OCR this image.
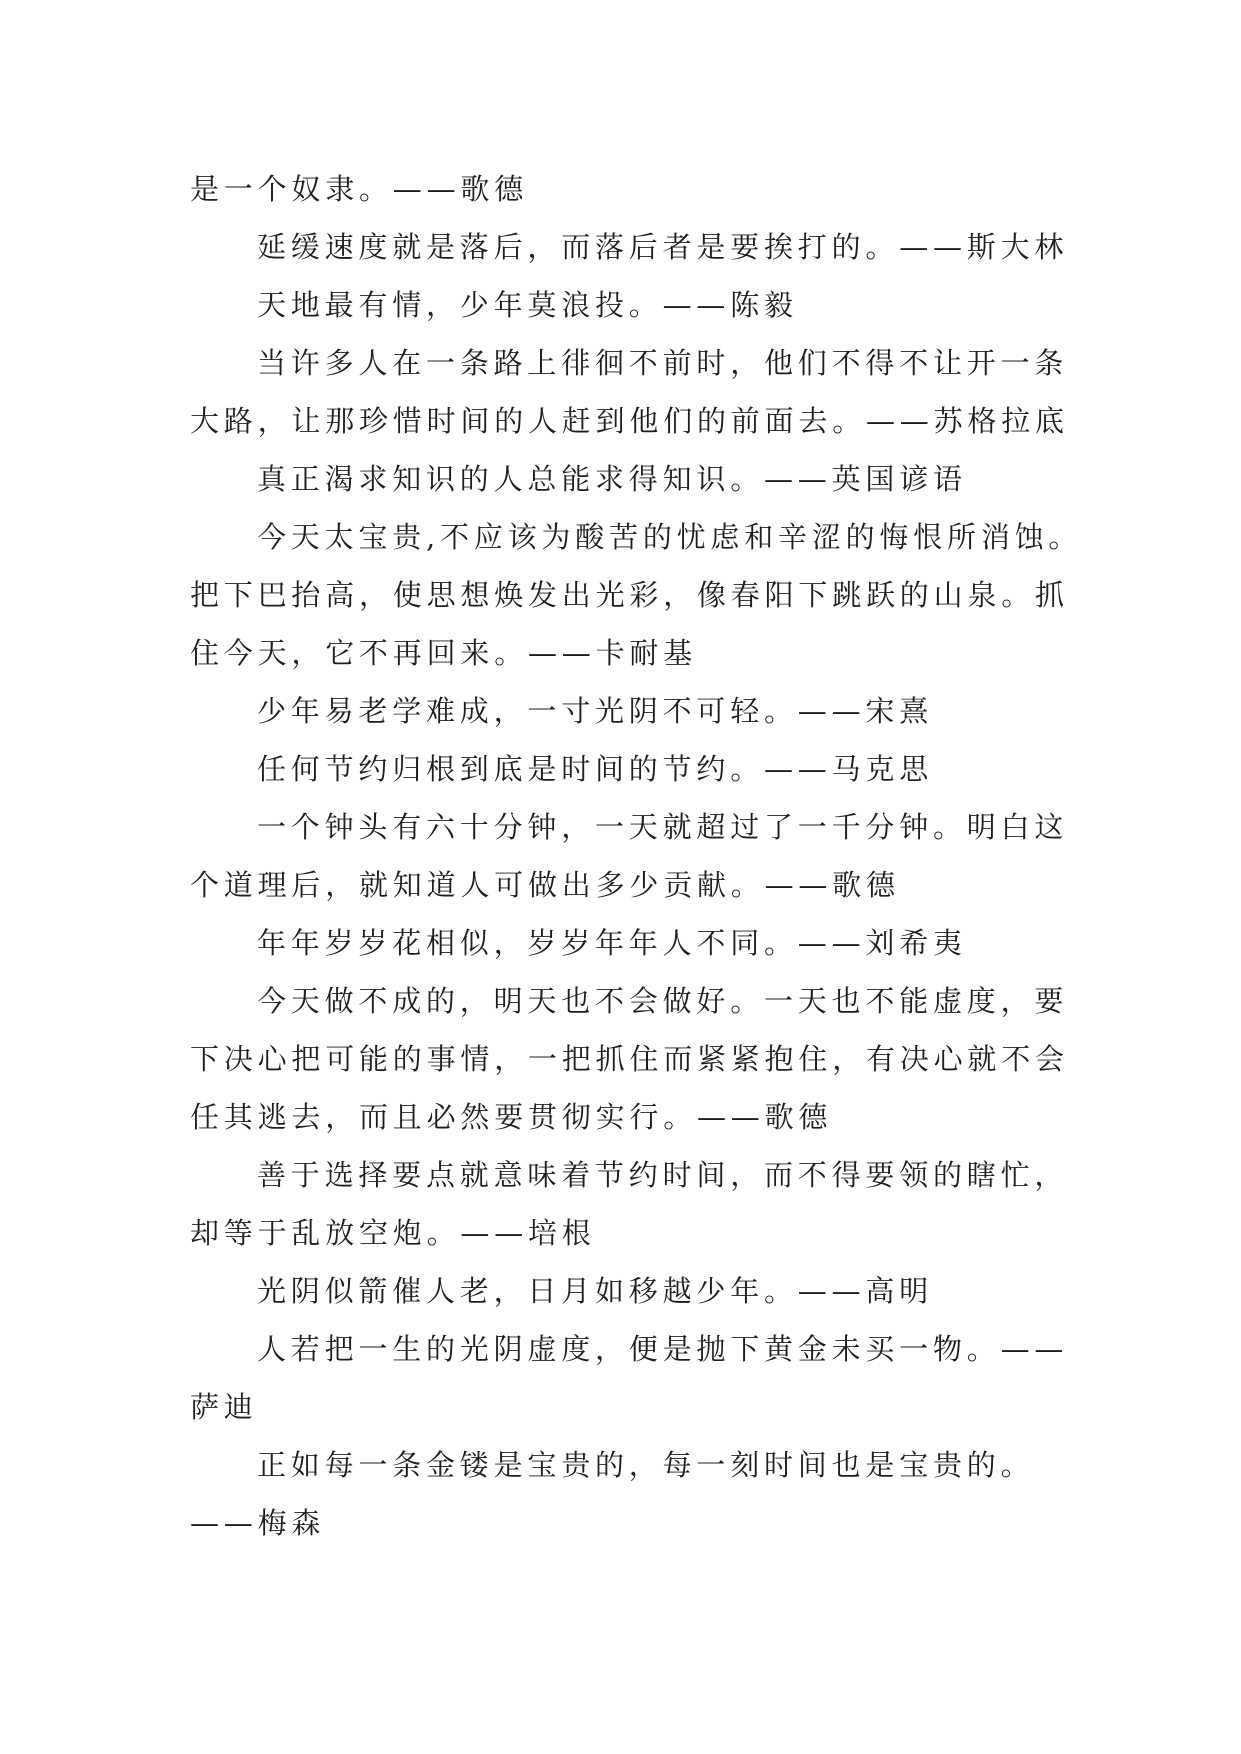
是一个奴隶。——歌德
延缓速度就是落后，而落后者是要挨打的。——斯大林
天地最有情，少年莫浪投。——陈毅
当许多人在一条路上徘徊不前时，他们不得不让开一条
大路，让那珍惜时间的人赶到他们的前面去。——苏格拉底
真正渴求知识的人总能求得知识。——英国谚语
今天太宝贵,不应该为酸苦的忧虑和辛涩的悔恨所消蚀。
把下巴抬高，使思想焕发出光彩，像春阳下跳跃的山泉。抓
住今天，它不再回来。——卡耐基
少年易老学难成，一寸光阴不可轻。——宋熹
任何节约归根到底是时间的节约。——马克思
一个钟头有六十分钟，一天就超过了一千分钟。明白这
个道理后，就知道人可做出多少贡献。——歌德
年年岁岁花相似，岁岁年年人不同。——刘希夷
今天做不成的，明天也不会做好。一天也不能虚度，要
下决心把可能的事情，一把抓住而紧紧抱住，有决心就不会
任其逃去，而且必然要贯彻实行。——歌德
善于选择要点就意味着节约时间，而不得要领的瞎忙，
却等于乱放空炮。——培根
光阴似箭催人老，日月如移越少年。——高明
人若把一生的光阴虚度，便是抛下黄金未买一物。——
萨迪
正如每一条金镂是宝贵的，每一刻时间也是宝贵的。
——梅森
